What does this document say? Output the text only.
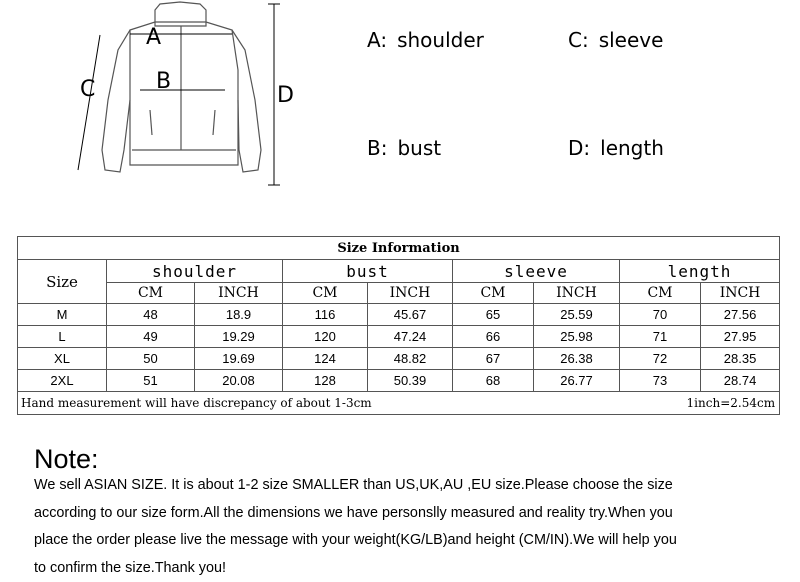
A
B
C	D
A: shoulder	C: sleeve
B: bust	D: length
Size Information								
Size	shoulder		bust		sleeve		length	
	CM	INCH	CM	INCH	CM	INCH	CM	INCH
M	48	18.9	116	45.67	65	25.59	70	27.56
L	49	19.29	120	47.24	66	25.98	71	27.95
XL	50	19.69	124	48.82	67	26.38	72	28.35
2XL	51	20.08	128	50.39	68	26.77	73	28.74
Hand measurement will have discrepancy of about 1-3cm						1inch=2.54cm		
Note:

We sell ASIAN SIZE. It is about 1-2 size SMALLER than US,UK,AU ,EU size.Please choose the size
according to our size form.All the dimensions we have personslly measured and reality try.When you
place the order please live the message with your weight(KG/LB)and height (CM/IN).We will help you
to confirm the size.Thank you!
